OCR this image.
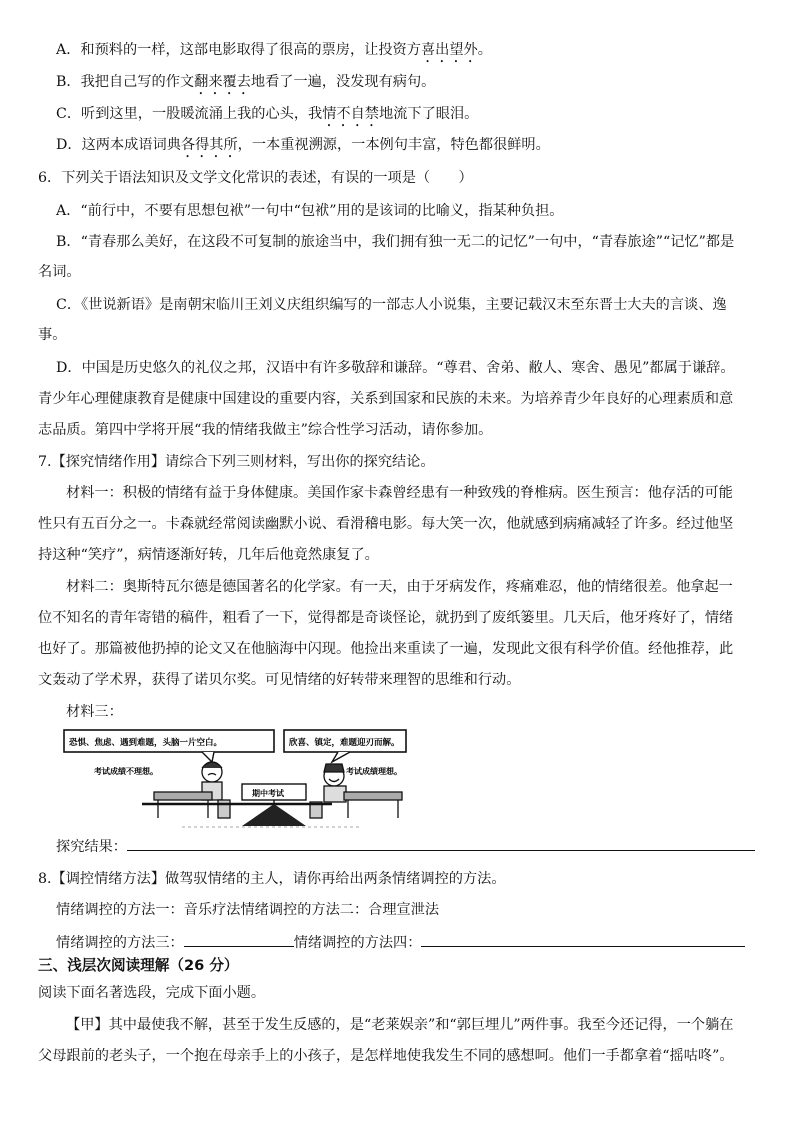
A．和预料的一样，这部电影取得了很高的票房，让投资方喜出望外。
B．我把自己写的作文翻来覆去地看了一遍，没发现有病句。
C．听到这里，一股暖流涌上我的心头，我情不自禁地流下了眼泪。
D．这两本成语词典各得其所，一本重视溯源，一本例句丰富，特色都很鲜明。
6．下列关于语法知识及文学文化常识的表述，有误的一项是（　　）
A．“前行中，不要有思想包袱”一句中“包袱”用的是该词的比喻义，指某种负担。
B．“青春那么美好，在这段不可复制的旅途当中，我们拥有独一无二的记忆”一句中，“青春旅途”“记忆”都是
名词。
C．《世说新语》是南朝宋临川王刘义庆组织编写的一部志人小说集，主要记载汉末至东晋士大夫的言谈、逸
事。
D．中国是历史悠久的礼仪之邦，汉语中有许多敬辞和谦辞。“尊君、舍弟、敝人、寒舍、愚见”都属于谦辞。
青少年心理健康教育是健康中国建设的重要内容，关系到国家和民族的未来。为培养青少年良好的心理素质和意
志品质。第四中学将开展“我的情绪我做主”综合性学习活动，请你参加。
7.【探究情绪作用】请综合下列三则材料，写出你的探究结论。
材料一：积极的情绪有益于身体健康。美国作家卡森曾经患有一种致残的脊椎病。医生预言：他存活的可能
性只有五百分之一。卡森就经常阅读幽默小说、看滑稽电影。每大笑一次，他就感到病痛减轻了许多。经过他坚
持这种“笑疗”，病情逐渐好转，几年后他竟然康复了。
材料二：奥斯特瓦尔德是德国著名的化学家。有一天，由于牙病发作，疼痛难忍，他的情绪很差。他拿起一
位不知名的青年寄错的稿件，粗看了一下，觉得都是奇谈怪论，就扔到了废纸篓里。几天后，他牙疼好了，情绪
也好了。那篇被他扔掉的论文又在他脑海中闪现。他捡出来重读了一遍，发现此文很有科学价值。经他推荐，此
文轰动了学术界，获得了诺贝尔奖。可见情绪的好转带来理智的思维和行动。
材料三：
恐惧、焦虑、遇到难题，头脑一片空白。	欣喜、镇定，难题迎刃而解。
考试成绩不理想。	考试成绩理想。
期中考试
探究结果：
8.【调控情绪方法】做驾驭情绪的主人，请你再给出两条情绪调控的方法。
情绪调控的方法一：音乐疗法情绪调控的方法二：合理宣泄法
情绪调控的方法三：	情绪调控的方法四：
三、浅层次阅读理解（26 分）
阅读下面名著选段，完成下面小题。
【甲】其中最使我不解，甚至于发生反感的，是“老莱娱亲”和“郭巨埋儿”两件事。我至今还记得，一个躺在
父母跟前的老头子，一个抱在母亲手上的小孩子，是怎样地使我发生不同的感想呵。他们一手都拿着“摇咕咚”。
